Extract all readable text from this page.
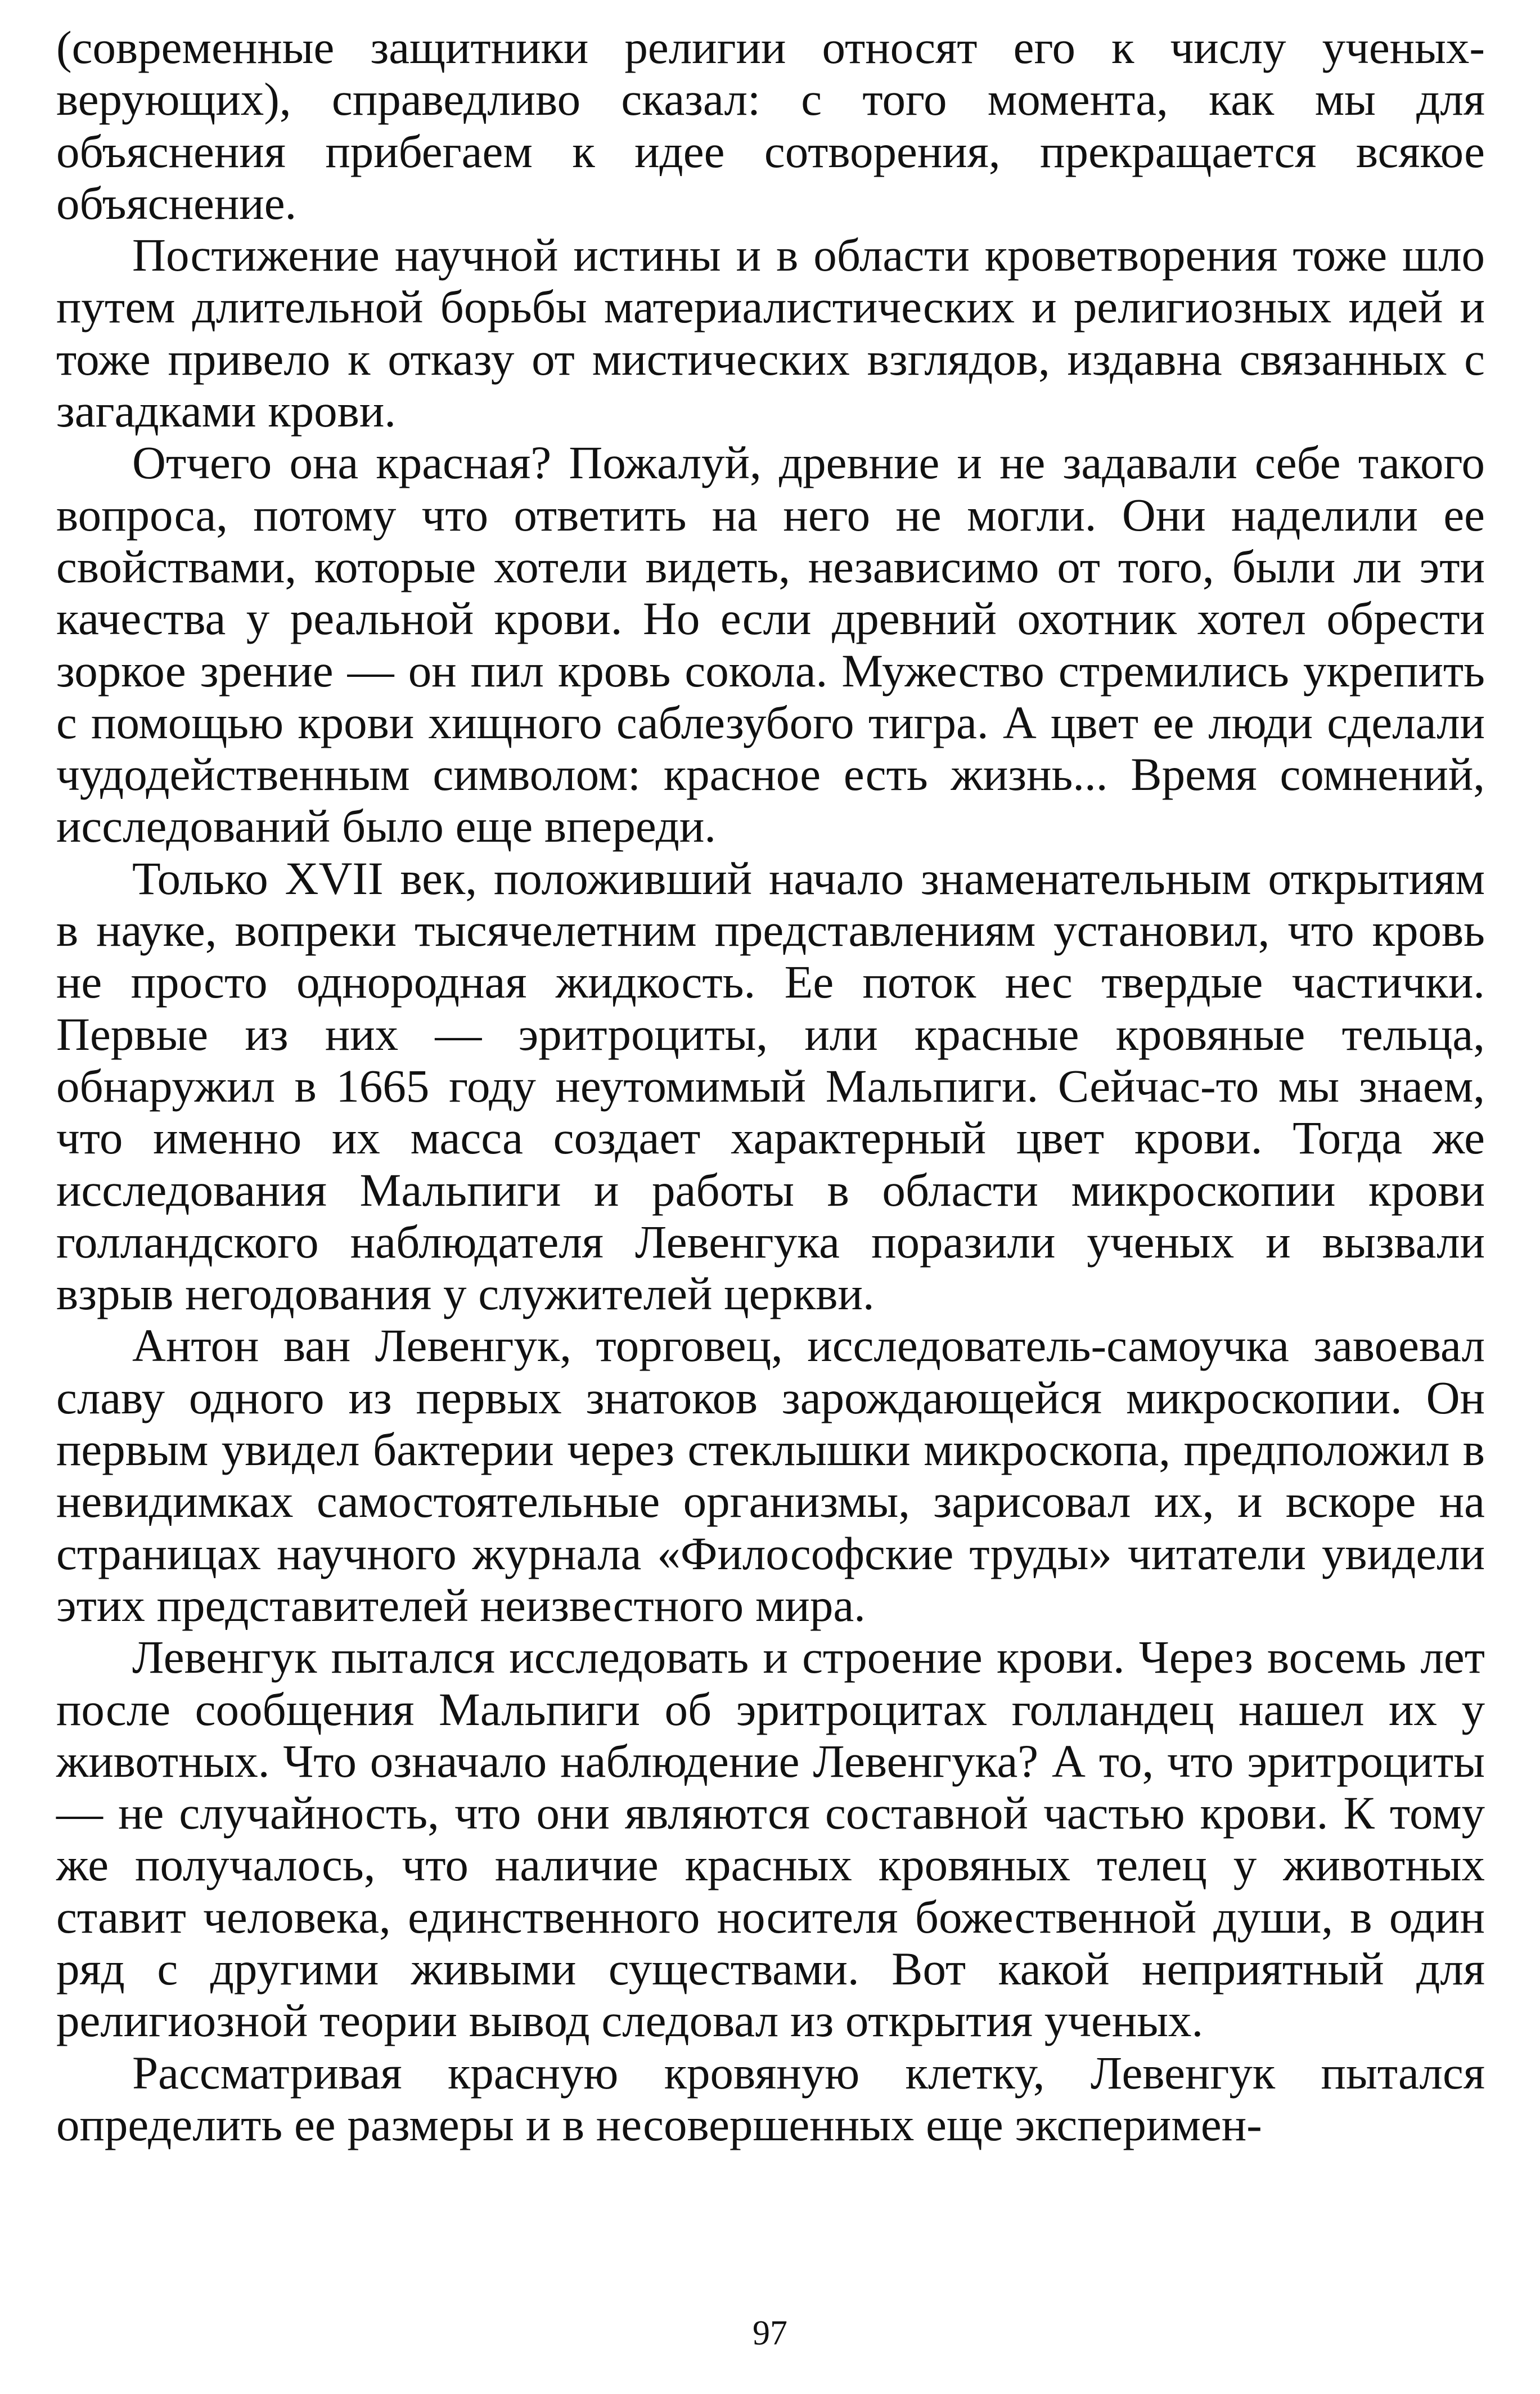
(современные защитники религии относят его к числу ученых-верующих), справедливо сказал: с того момента, как мы для объяснения прибегаем к идее сотворения, прекращается всякое объяснение.

Постижение научной истины и в области кроветворения тоже шло путем длительной борьбы материалистических и религиозных идей и тоже привело к отказу от мистических взглядов, издавна связанных с загадками крови.

Отчего она красная? Пожалуй, древние и не задавали себе такого вопроса, потому что ответить на него не могли. Они наделили ее свойствами, которые хотели видеть, независимо от того, были ли эти качества у реальной крови. Но если древний охотник хотел обрести зоркое зрение — он пил кровь сокола. Мужество стремились укрепить с помощью крови хищного саблезубого тигра. А цвет ее люди сделали чудодейственным символом: красное есть жизнь... Время сомнений, исследований было еще впереди.

Только XVII век, положивший начало знаменательным открытиям в науке, вопреки тысячелетним представлениям установил, что кровь не просто однородная жидкость. Ее поток нес твердые частички. Первые из них — эритроциты, или красные кровяные тельца, обнаружил в 1665 году неутомимый Мальпиги. Сейчас-то мы знаем, что именно их масса создает характерный цвет крови. Тогда же исследования Мальпиги и работы в области микроскопии крови голландского наблюдателя Левенгука поразили ученых и вызвали взрыв негодования у служителей церкви.

Антон ван Левенгук, торговец, исследователь-самоучка завоевал славу одного из первых знатоков зарождающейся микроскопии. Он первым увидел бактерии через стеклышки микроскопа, предположил в невидимках самостоятельные организмы, зарисовал их, и вскоре на страницах научного журнала «Философские труды» читатели увидели этих представителей неизвестного мира.

Левенгук пытался исследовать и строение крови. Через восемь лет после сообщения Мальпиги об эритроцитах голландец нашел их у животных. Что означало наблюдение Левенгука? А то, что эритроциты — не случайность, что они являются составной частью крови. К тому же получалось, что наличие красных кровяных телец у животных ставит человека, единственного носителя божественной души, в один ряд с другими живыми существами. Вот какой неприятный для религиозной теории вывод следовал из открытия ученых.

Рассматривая красную кровяную клетку, Левенгук пытался определить ее размеры и в несовершенных еще эксперимен-

97
